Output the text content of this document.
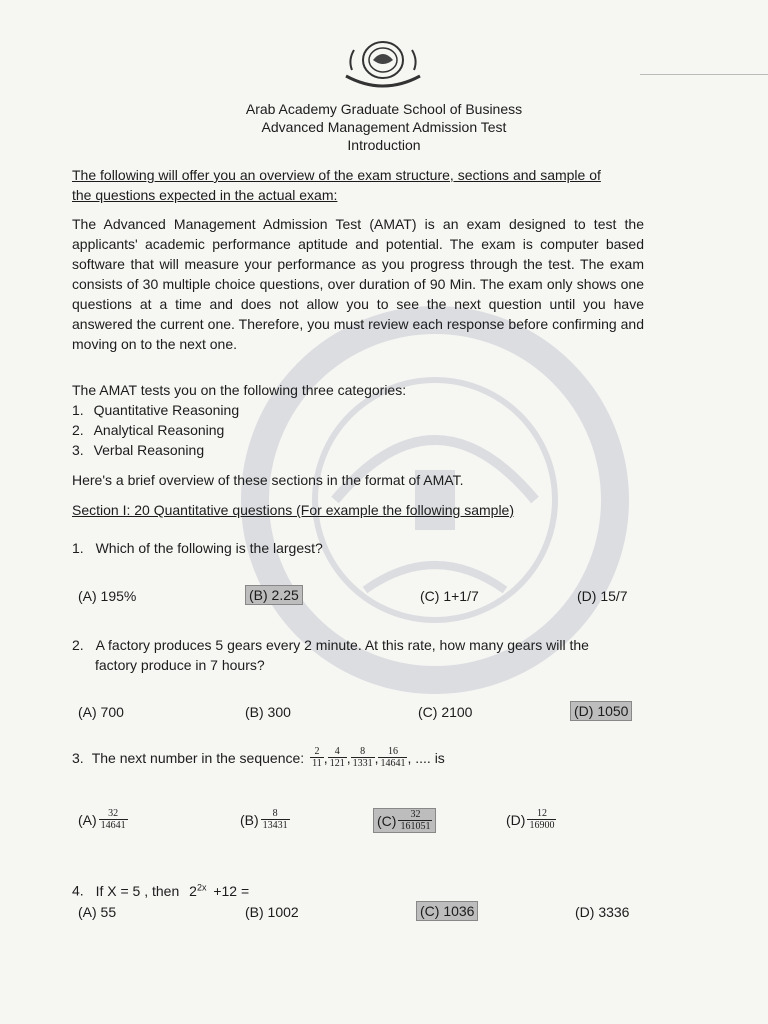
Arab Academy Graduate School of Business
Advanced Management Admission Test
Introduction
The following will offer you an overview of the exam structure, sections and sample of
the questions expected in the actual exam:
The Advanced Management Admission Test (AMAT) is an exam designed to test the applicants' academic performance aptitude and potential. The exam is computer based software that will measure your performance as you progress through the test. The exam consists of 30 multiple choice questions, over duration of 90 Min. The exam only shows one questions at a time and does not allow you to see the next question until you have answered the current one. Therefore, you must review each response before confirming and moving on to the next one.
The AMAT tests you on the following three categories:
1. Quantitative Reasoning
2. Analytical Reasoning
3. Verbal Reasoning
Here's a brief overview of these sections in the format of AMAT.
Section I: 20 Quantitative questions (For example the following sample)
1. Which of the following is the largest?
(A) 195%	(B) 2.25	(C) 1+1/7	(D) 15/7
2. A factory produces 5 gears every 2 minute. At this rate, how many gears will the
factory produce in 7 hours?
(A) 700	(B) 300	(C) 2100	(D) 1050
3. The next number in the sequence: $\frac{2}{11}$ , $\frac{4}{121}$ , $\frac{8}{1331}$ , $\frac{16}{14641}$ , .... is
$(A) \frac{32}{14641}$	$(B) \frac{8}{13431}$	$(C) \frac{32}{161051}$	$(D) \frac{12}{16900}$
4. If X = 5 , then $2^{2x} +12$ =
(A) 55	(B) 1002	(C) 1036	(D) 3336
